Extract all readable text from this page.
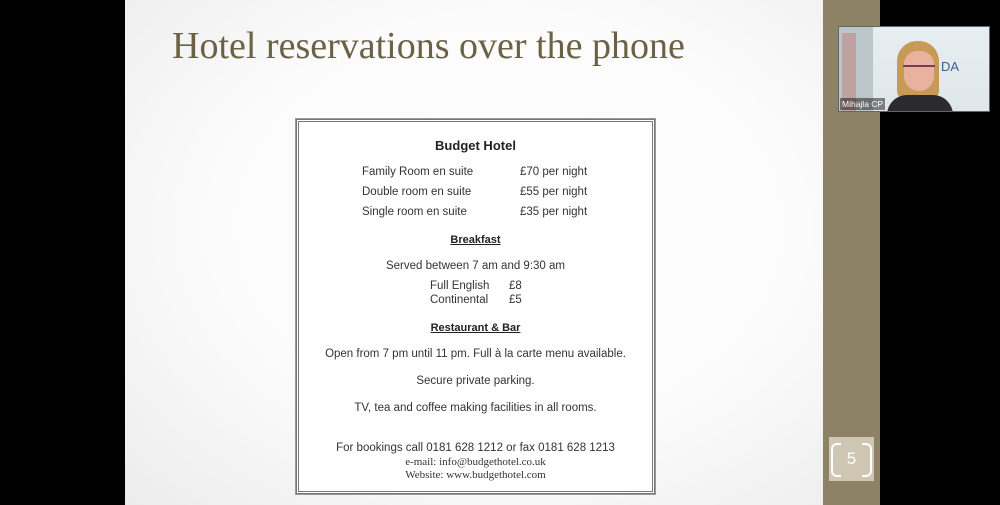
Hotel reservations over the phone
Budget Hotel
Family Room en suite	£70 per night
Double room en suite	£55 per night
Single room en suite	£35 per night
Breakfast
Served between 7 am and 9:30 am
Full English £8
Continental £5
Restaurant & Bar
Open from 7 pm until 11 pm. Full à la carte menu available.
Secure private parking.
TV, tea and coffee making facilities in all rooms.
For bookings call 0181 628 1212 or fax 0181 628 1213
e-mail: info@budgethotel.co.uk
Website: www.budgethotel.com
5
DA
Mihajla CP
